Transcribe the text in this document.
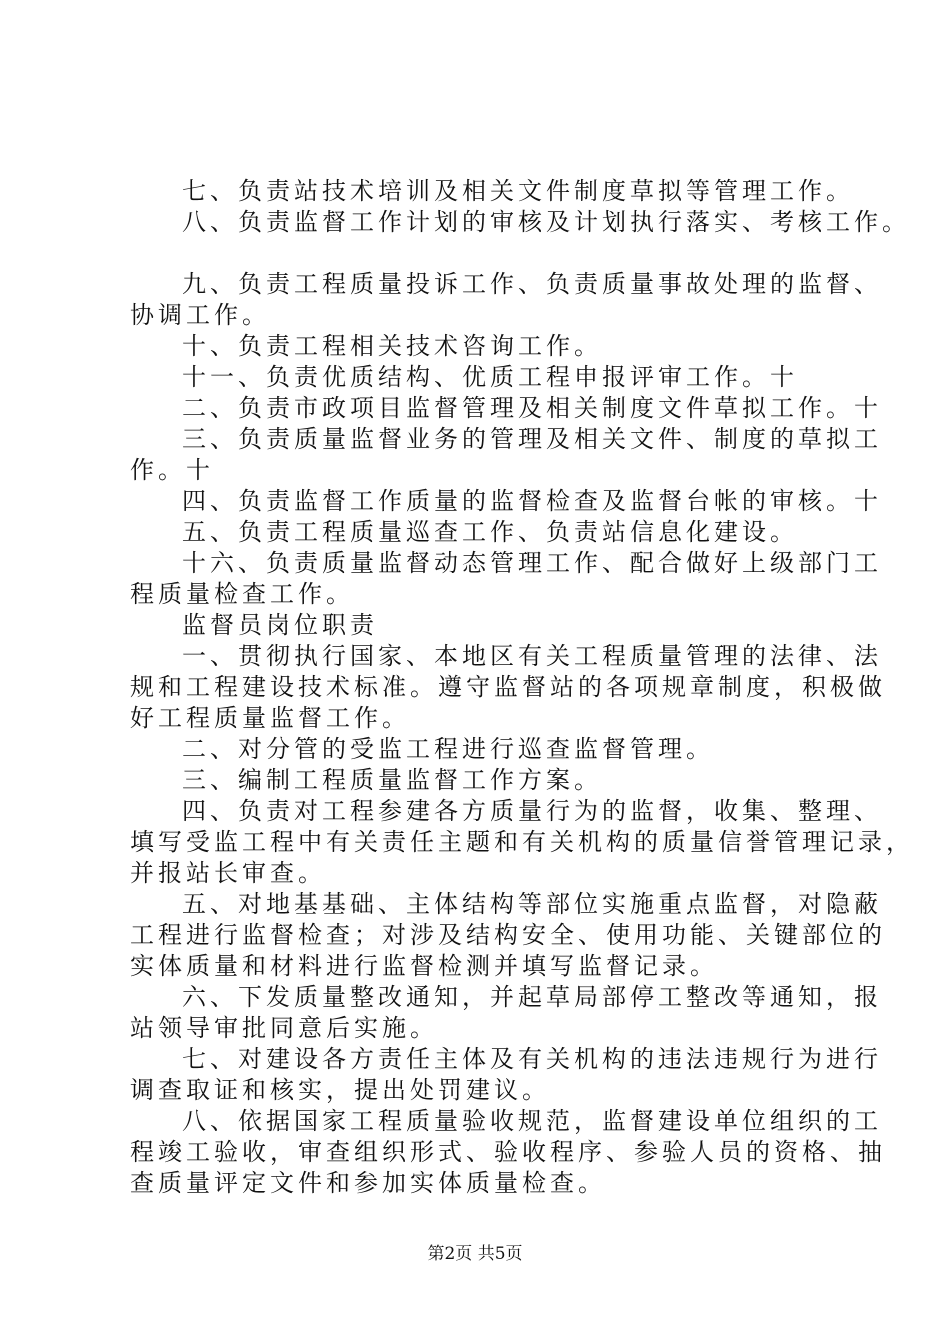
七、负责站技术培训及相关文件制度草拟等管理工作。
八、负责监督工作计划的审核及计划执行落实、考核工作。
九、负责工程质量投诉工作、负责质量事故处理的监督、
协调工作。
十、负责工程相关技术咨询工作。
十一、负责优质结构、优质工程申报评审工作。十
二、负责市政项目监督管理及相关制度文件草拟工作。十
三、负责质量监督业务的管理及相关文件、制度的草拟工
作。十
四、负责监督工作质量的监督检查及监督台帐的审核。十
五、负责工程质量巡查工作、负责站信息化建设。
十六、负责质量监督动态管理工作、配合做好上级部门工
程质量检查工作。
监督员岗位职责
一、贯彻执行国家、本地区有关工程质量管理的法律、法
规和工程建设技术标准。遵守监督站的各项规章制度，积极做
好工程质量监督工作。
二、对分管的受监工程进行巡查监督管理。
三、编制工程质量监督工作方案。
四、负责对工程参建各方质量行为的监督，收集、整理、
填写受监工程中有关责任主题和有关机构的质量信誉管理记录，
并报站长审查。
五、对地基基础、主体结构等部位实施重点监督，对隐蔽
工程进行监督检查；对涉及结构安全、使用功能、关键部位的
实体质量和材料进行监督检测并填写监督记录。
六、下发质量整改通知，并起草局部停工整改等通知，报
站领导审批同意后实施。
七、对建设各方责任主体及有关机构的违法违规行为进行
调查取证和核实，提出处罚建议。
八、依据国家工程质量验收规范，监督建设单位组织的工
程竣工验收，审查组织形式、验收程序、参验人员的资格、抽
查质量评定文件和参加实体质量检查。
第2页 共5页
